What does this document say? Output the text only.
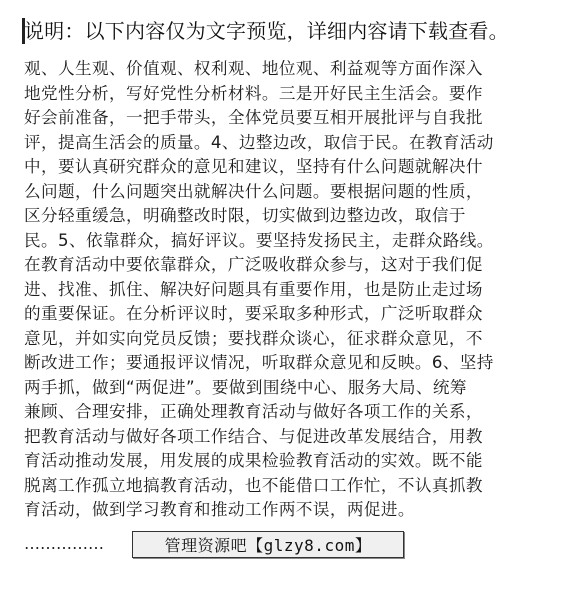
说明：以下内容仅为文字预览，详细内容请下载查看。
观、人生观、价值观、权利观、地位观、利益观等方面作深入
地党性分析，写好党性分析材料。三是开好民主生活会。要作
好会前准备，一把手带头，全体党员要互相开展批评与自我批
评，提高生活会的质量。4、边整边改，取信于民。在教育活动
中，要认真研究群众的意见和建议，坚持有什么问题就解决什
么问题，什么问题突出就解决什么问题。要根据问题的性质，
区分轻重缓急，明确整改时限，切实做到边整边改，取信于
民。5、依靠群众，搞好评议。要坚持发扬民主，走群众路线。
在教育活动中要依靠群众，广泛吸收群众参与，这对于我们促
进、找准、抓住、解决好问题具有重要作用，也是防止走过场
的重要保证。在分析评议时，要采取多种形式，广泛听取群众
意见，并如实向党员反馈；要找群众谈心，征求群众意见，不
断改进工作；要通报评议情况，听取群众意见和反映。6、坚持
两手抓，做到“两促进”。要做到围绕中心、服务大局、统筹
兼顾、合理安排，正确处理教育活动与做好各项工作的关系，
把教育活动与做好各项工作结合、与促进改革发展结合，用教
育活动推动发展，用发展的成果检验教育活动的实效。既不能
脱离工作孤立地搞教育活动，也不能借口工作忙，不认真抓教
育活动，做到学习教育和推动工作两不误，两促进。
……………	管理资源吧【glzy8.com】
